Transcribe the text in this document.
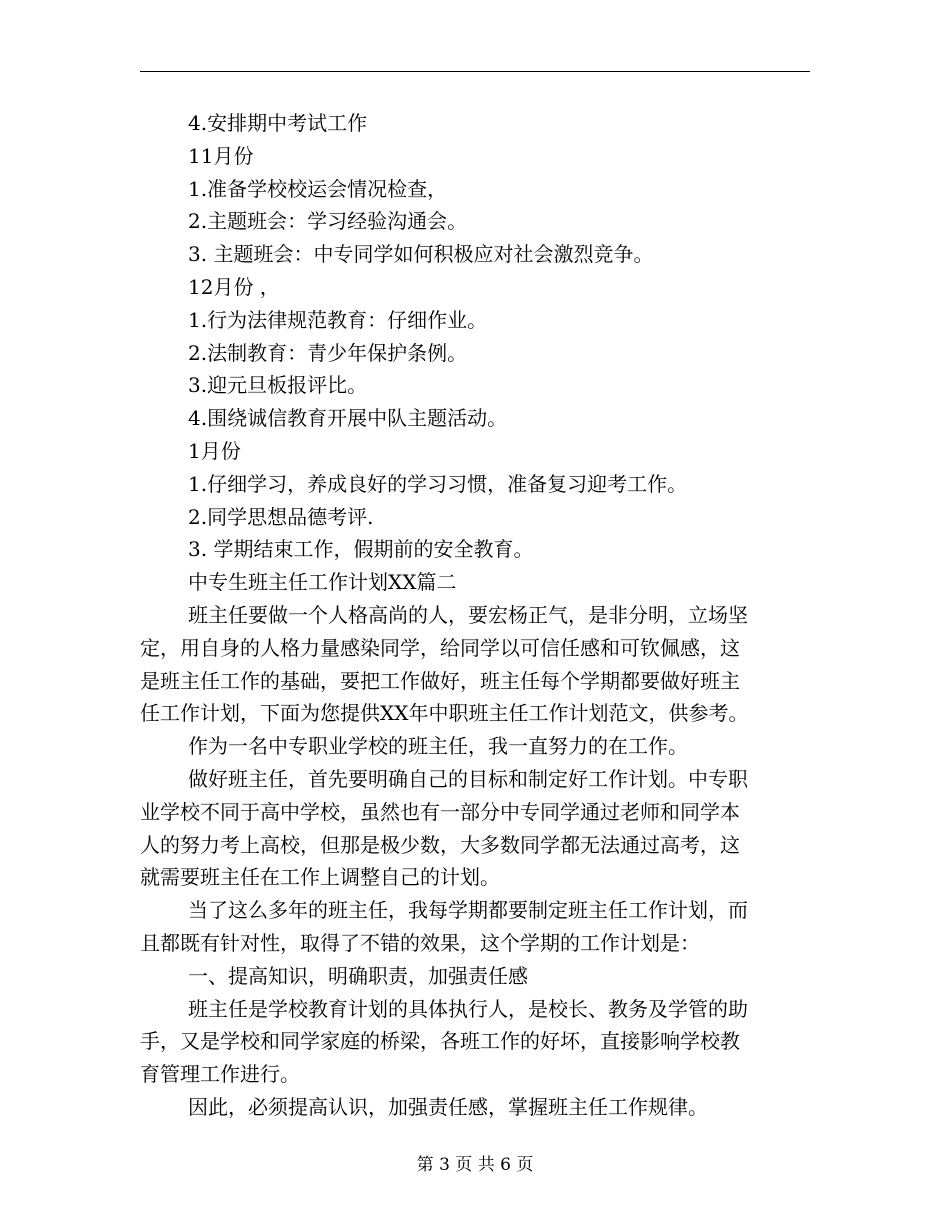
4.安排期中考试工作
11月份
1.准备学校校运会情况检查，
2.主题班会：学习经验沟通会。
3. 主题班会：中专同学如何积极应对社会激烈竞争。
12月份 ，
1.行为法律规范教育：仔细作业。
2.法制教育：青少年保护条例。
3.迎元旦板报评比。
4.围绕诚信教育开展中队主题活动。
1月份
1.仔细学习，养成良好的学习习惯，准备复习迎考工作。
2.同学思想品德考评.
3. 学期结束工作，假期前的安全教育。
中专生班主任工作计划XX篇二
班主任要做一个人格高尚的人，要宏杨正气，是非分明，立场坚
定，用自身的人格力量感染同学，给同学以可信任感和可钦佩感，这
是班主任工作的基础，要把工作做好，班主任每个学期都要做好班主
任工作计划，下面为您提供XX年中职班主任工作计划范文，供参考。
作为一名中专职业学校的班主任，我一直努力的在工作。
做好班主任，首先要明确自己的目标和制定好工作计划。中专职
业学校不同于高中学校，虽然也有一部分中专同学通过老师和同学本
人的努力考上高校，但那是极少数，大多数同学都无法通过高考，这
就需要班主任在工作上调整自己的计划。
当了这么多年的班主任，我每学期都要制定班主任工作计划，而
且都既有针对性，取得了不错的效果，这个学期的工作计划是：
一、提高知识，明确职责，加强责任感
班主任是学校教育计划的具体执行人，是校长、教务及学管的助
手，又是学校和同学家庭的桥梁，各班工作的好坏，直接影响学校教
育管理工作进行。
因此，必须提高认识，加强责任感，掌握班主任工作规律。
第 3 页 共 6 页
